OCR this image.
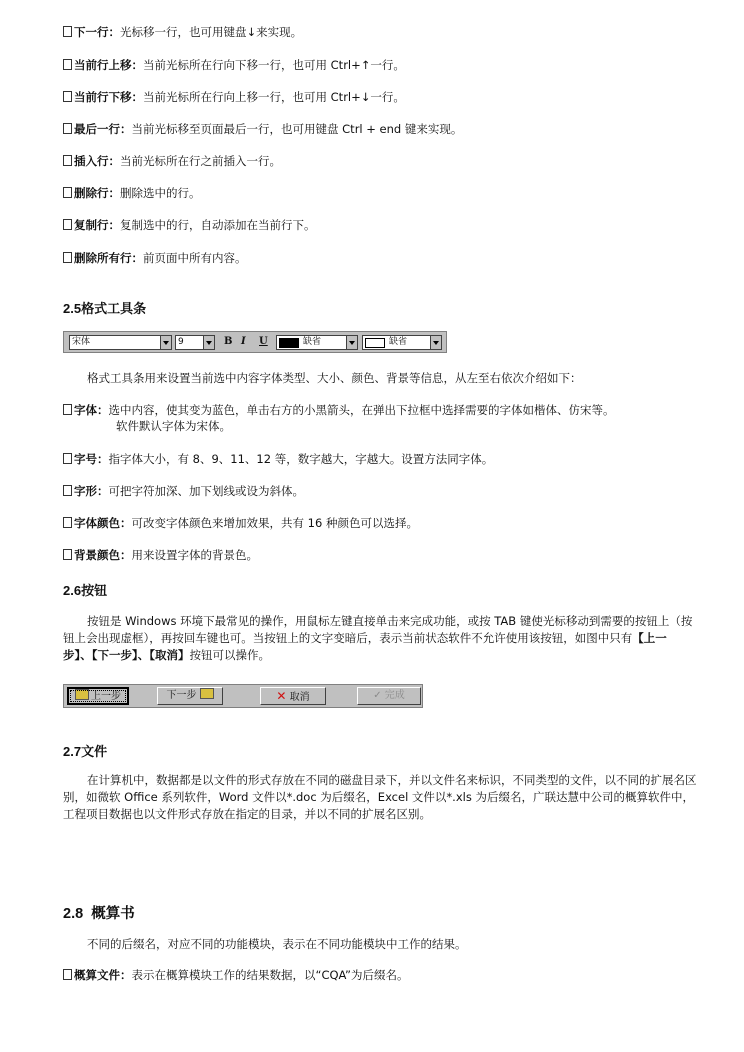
下一行：光标移一行，也可用键盘↓来实现。
当前行上移：当前光标所在行向下移一行，也可用 Ctrl+↑一行。
当前行下移：当前光标所在行向上移一行，也可用 Ctrl+↓一行。
最后一行：当前光标移至页面最后一行，也可用键盘 Ctrl + end 键来实现。
插入行：当前光标所在行之前插入一行。
删除行：删除选中的行。
复制行：复制选中的行，自动添加在当前行下。
删除所有行：前页面中所有内容。
2.5格式工具条
宋体	9	B I U	缺省	缺省
格式工具条用来设置当前选中内容字体类型、大小、颜色、背景等信息，从左至右依次介绍如下：
字体：选中内容，使其变为蓝色，单击右方的小黑箭头，在弹出下拉框中选择需要的字体如楷体、仿宋等。
软件默认字体为宋体。
字号：指字体大小，有 8、9、11、12 等，数字越大，字越大。设置方法同字体。
字形：可把字符加深、加下划线或设为斜体。
字体颜色：可改变字体颜色来增加效果，共有 16 种颜色可以选择。
背景颜色：用来设置字体的背景色。
2.6按钮
按钮是 Windows 环境下最常见的操作，用鼠标左键直接单击来完成功能，或按 TAB 键使光标移动到需要的按钮上（按钮上会出现虚框），再按回车键也可。当按钮上的文字变暗后，表示当前状态软件不允许使用该按钮，如图中只有【上一步】、【下一步】、【取消】按钮可以操作。
上一步	下一步	✕ 取消	✓ 完成
2.7文件
在计算机中，数据都是以文件的形式存放在不同的磁盘目录下，并以文件名来标识，不同类型的文件，以不同的扩展名区别，如微软 Office 系列软件，Word 文件以*.doc 为后缀名，Excel 文件以*.xls 为后缀名，广联达慧中公司的概算软件中，工程项目数据也以文件形式存放在指定的目录，并以不同的扩展名区别。
2.8  概算书
不同的后缀名，对应不同的功能模块，表示在不同功能模块中工作的结果。
概算文件：表示在概算模块工作的结果数据，以“CQA”为后缀名。
